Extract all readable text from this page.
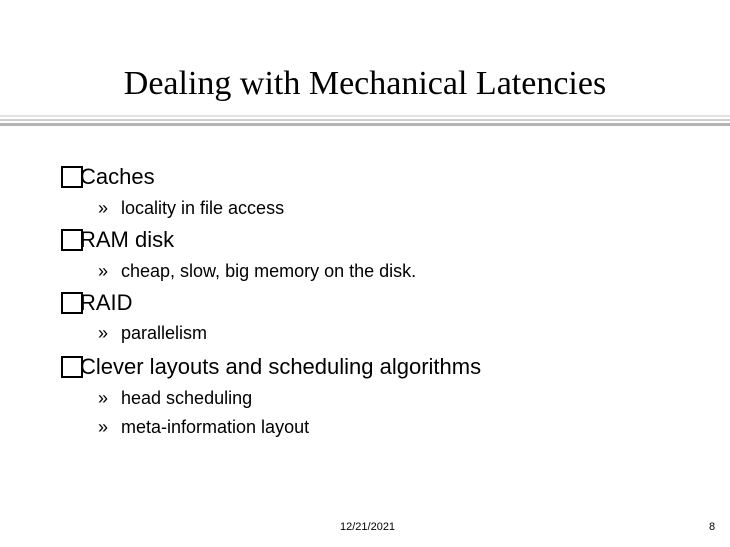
Dealing with Mechanical Latencies
Caches
» locality in file access
RAM disk
» cheap, slow, big memory on the disk.
RAID
» parallelism
Clever layouts and scheduling algorithms
» head scheduling
» meta-information layout
12/21/2021	8
